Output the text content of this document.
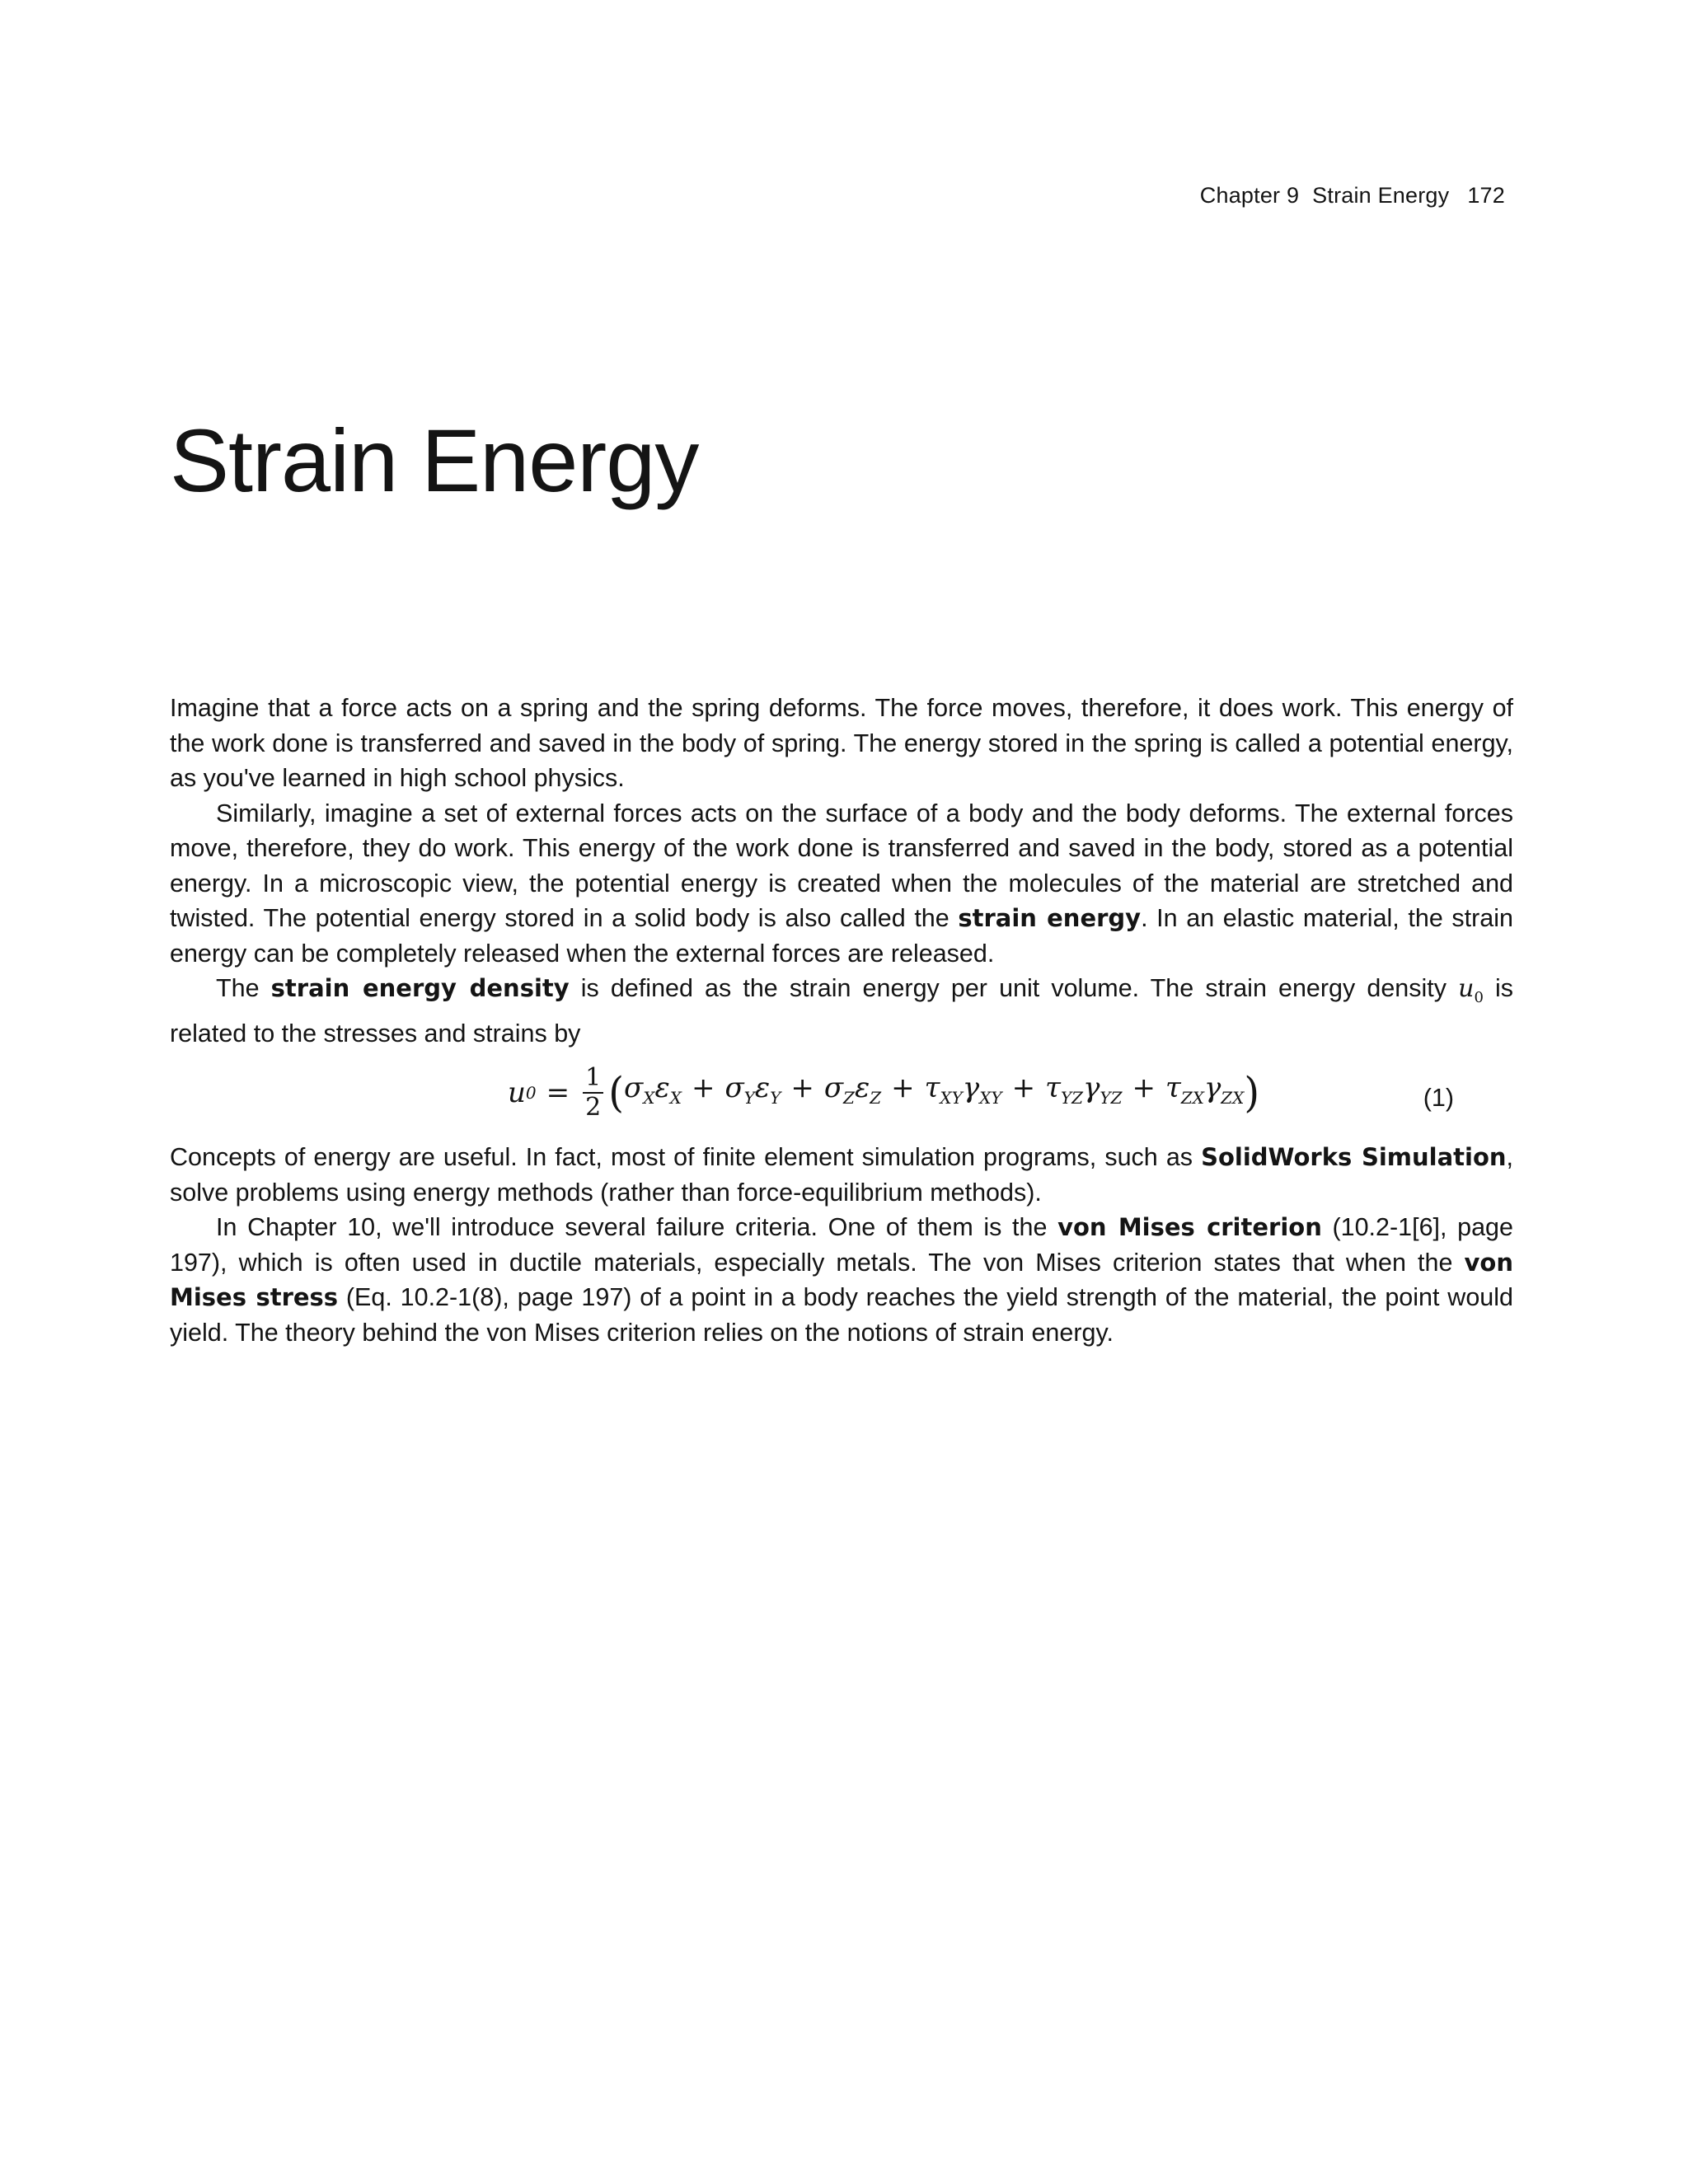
Chapter 9 Strain Energy 172
Strain Energy

Imagine that a force acts on a spring and the spring deforms. The force moves, therefore, it does work. This energy of the work done is transferred and saved in the body of spring. The energy stored in the spring is called a potential energy, as you've learned in high school physics.

Similarly, imagine a set of external forces acts on the surface of a body and the body deforms. The external forces move, therefore, they do work. This energy of the work done is transferred and saved in the body, stored as a potential energy. In a microscopic view, the potential energy is created when the molecules of the material are stretched and twisted. The potential energy stored in a solid body is also called the strain energy. In an elastic material, the strain energy can be completely released when the external forces are released.

The strain energy density is defined as the strain energy per unit volume. The strain energy density $u_0$ is related to the stresses and strains by

u $0 = \frac{1}{2}$ ( $\sigma_X\varepsilon_X + \sigma_Y\varepsilon_Y + \sigma_Z\varepsilon_Z + \tau_{XY}\gamma_{XY} + \tau_{YZ}\gamma_{YZ} + \tau_{ZX}\gamma_{ZX}$ )	(1)

Concepts of energy are useful. In fact, most of finite element simulation programs, such as SolidWorks Simulation, solve problems using energy methods (rather than force-equilibrium methods).

In Chapter 10, we'll introduce several failure criteria. One of them is the von Mises criterion (10.2-1[6], page 197), which is often used in ductile materials, especially metals. The von Mises criterion states that when the von Mises stress (Eq. 10.2-1(8), page 197) of a point in a body reaches the yield strength of the material, the point would yield. The theory behind the von Mises criterion relies on the notions of strain energy.
